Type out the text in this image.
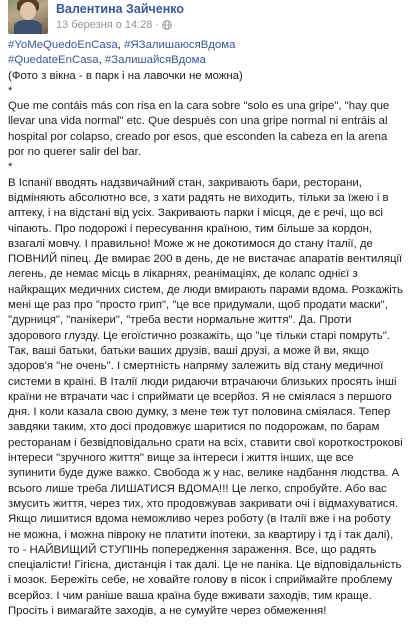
Валентина Зайченко
13 березня о 14:28 ·

#YoMeQuedoEnCasa, #ЯЗалишаюсяВдома

#QuedateEnCasa, #ЗалишайсяВдома

(Фото з вікна - в парк і на лавочки не можна)

*

Que me contáis más con risa en la cara sobre "solo es una gripe", "hay que llevar una vida normal" etc. Que después con una gripe normal ni entráis al hospital por colapso, creado por esos, que esconden la cabeza en la arena por no querer salir del bar.

*

В Іспанії вводять надзвичайний стан, закривають бари, ресторани, відміняють абсолютно все, з хати радять не виходить, тільки за їжею і в аптеку, і на відстані від усіх. Закривають парки і місця, де є речі, що всі чіпають. Про подорожі і пересування країною, тим більше за кордон, взагалі мовчу. І правильно! Може ж не докотимося до стану Італії, де ПОВНИЙ піпец. Де вмирає 200 в день, де не вистачає апаратів вентиляції легень, де немає місць в лікарнях, реанімаціях, де колапс однієї з найкращих медичних систем, де люди вмирають парами вдома. Розкажіть мені ще раз про "просто грип", "це все придумали, щоб продати маски", "дурниця", "панікери", "треба вести нормальне життя". Да. Проти здорового глузду. Це егоїстично розкажіть, що "це тільки старі помруть". Так, ваші батьки, батьки ваших друзів, ваші друзі, а може й ви, якщо здоров'я "не очень". І смертність напряму залежить від стану медичної системи в країні. В Італії люди ридаючи втрачаючи близьких просять інші країни не втрачати час і сприймати це всерйоз. Я не сміялася з першого дня. І коли казала свою думку, з мене теж тут половина сміялася. Тепер завдяки таким, хто досі продовжує шаритися по подорожам, по барам ресторанам і безвідповідально срати на всіх, ставити свої короткострокові інтереси "зручного життя" вище за інтереси і життя інших, ще все зупинити буде дуже важко. Свобода ж у нас, велике надбання людства. А всього лише треба ЛИШАТИСЯ ВДОМА!!! Це легко, спробуйте. Або вас змусить життя, через тих, хто продовжував закривати очі і відмахуватися. Якщо лишитися вдома неможливо через роботу (в Італії вже і на роботу не можна, і можна півроку не платити іпотеки, за квартиру і тд і так далі), то - НАЙВИЩИЙ СТУПІНЬ попередження зараження. Все, що радять спеціалісти! Гігієна, дистанція і так далі. Це не паніка. Це відповідальність і мозок. Бережіть себе, не ховайте голову в пісок і сприймайте проблему всерйоз. І чим раніше ваша країна буде вживати заходів, тим краще. Просіть і вимагайте заходів, а не сумуйте через обмеження!
